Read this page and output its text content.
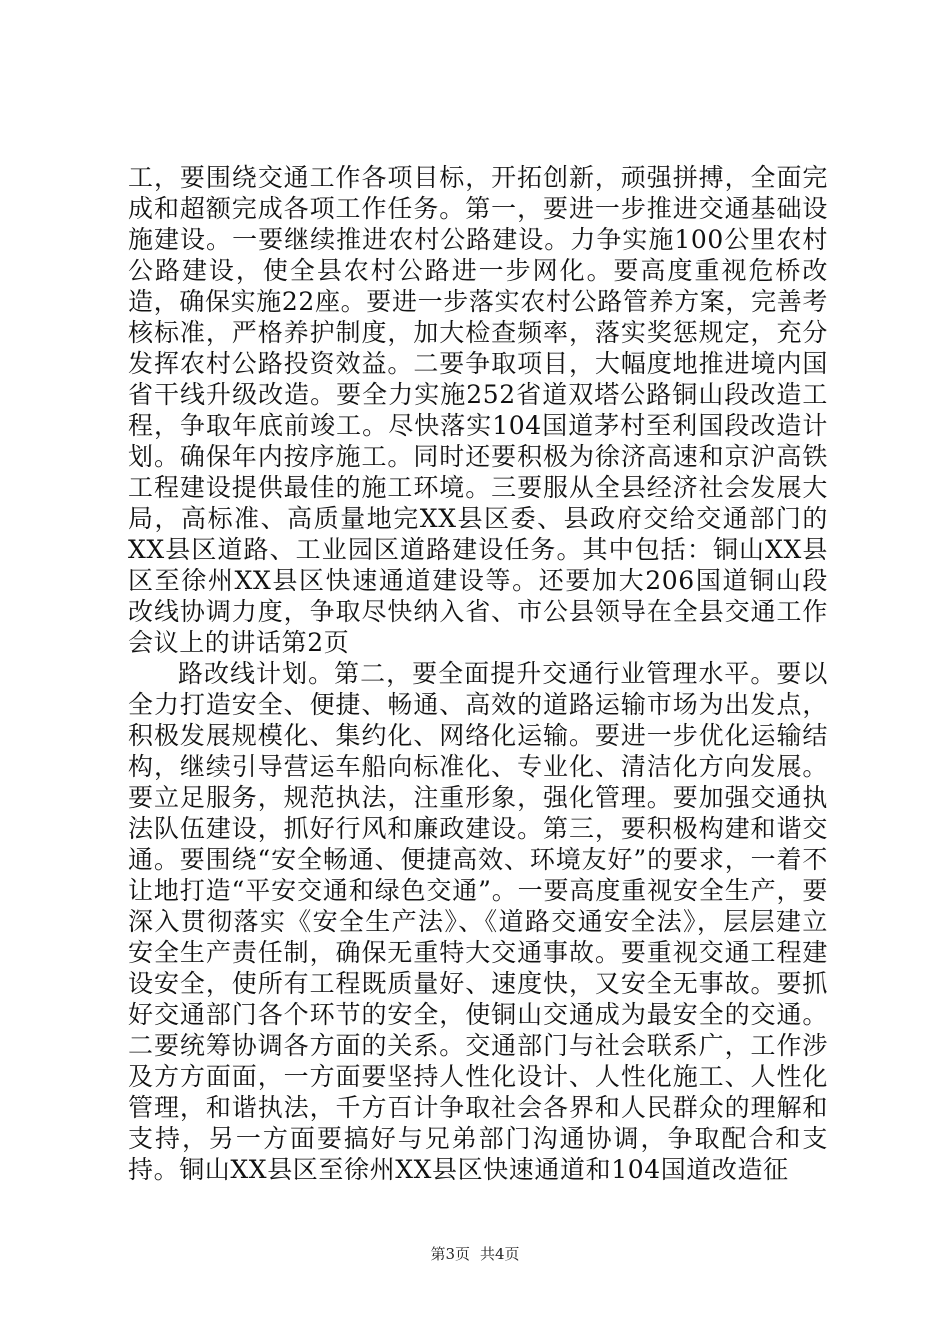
工，要围绕交通工作各项目标，开拓创新，顽强拼搏，全面完成和超额完成各项工作任务。第一，要进一步推进交通基础设施建设。一要继续推进农村公路建设。力争实施100公里农村公路建设，使全县农村公路进一步网化。要高度重视危桥改造，确保实施22座。要进一步落实农村公路管养方案，完善考核标准，严格养护制度，加大检查频率，落实奖惩规定，充分发挥农村公路投资效益。二要争取项目，大幅度地推进境内国省干线升级改造。要全力实施252省道双塔公路铜山段改造工程，争取年底前竣工。尽快落实104国道茅村至利国段改造计划。确保年内按序施工。同时还要积极为徐济高速和京沪高铁工程建设提供最佳的施工环境。三要服从全县经济社会发展大局，高标准、高质量地完XX县区委、县政府交给交通部门的XX县区道路、工业园区道路建设任务。其中包括：铜山XX县区至徐州XX县区快速通道建设等。还要加大206国道铜山段改线协调力度，争取尽快纳入省、市公县领导在全县交通工作会议上的讲话第2页

路改线计划。第二，要全面提升交通行业管理水平。要以全力打造安全、便捷、畅通、高效的道路运输市场为出发点，积极发展规模化、集约化、网络化运输。要进一步优化运输结构，继续引导营运车船向标准化、专业化、清洁化方向发展。要立足服务，规范执法，注重形象，强化管理。要加强交通执法队伍建设，抓好行风和廉政建设。第三，要积极构建和谐交通。要围绕“安全畅通、便捷高效、环境友好”的要求，一着不让地打造“平安交通和绿色交通”。一要高度重视安全生产，要深入贯彻落实《安全生产法》、《道路交通安全法》，层层建立安全生产责任制，确保无重特大交通事故。要重视交通工程建设安全，使所有工程既质量好、速度快，又安全无事故。要抓好交通部门各个环节的安全，使铜山交通成为最安全的交通。二要统筹协调各方面的关系。交通部门与社会联系广，工作涉及方方面面，一方面要坚持人性化设计、人性化施工、人性化管理，和谐执法，千方百计争取社会各界和人民群众的理解和支持，另一方面要搞好与兄弟部门沟通协调，争取配合和支持。铜山XX县区至徐州XX县区快速通道和104国道改造征

第3页 共4页
